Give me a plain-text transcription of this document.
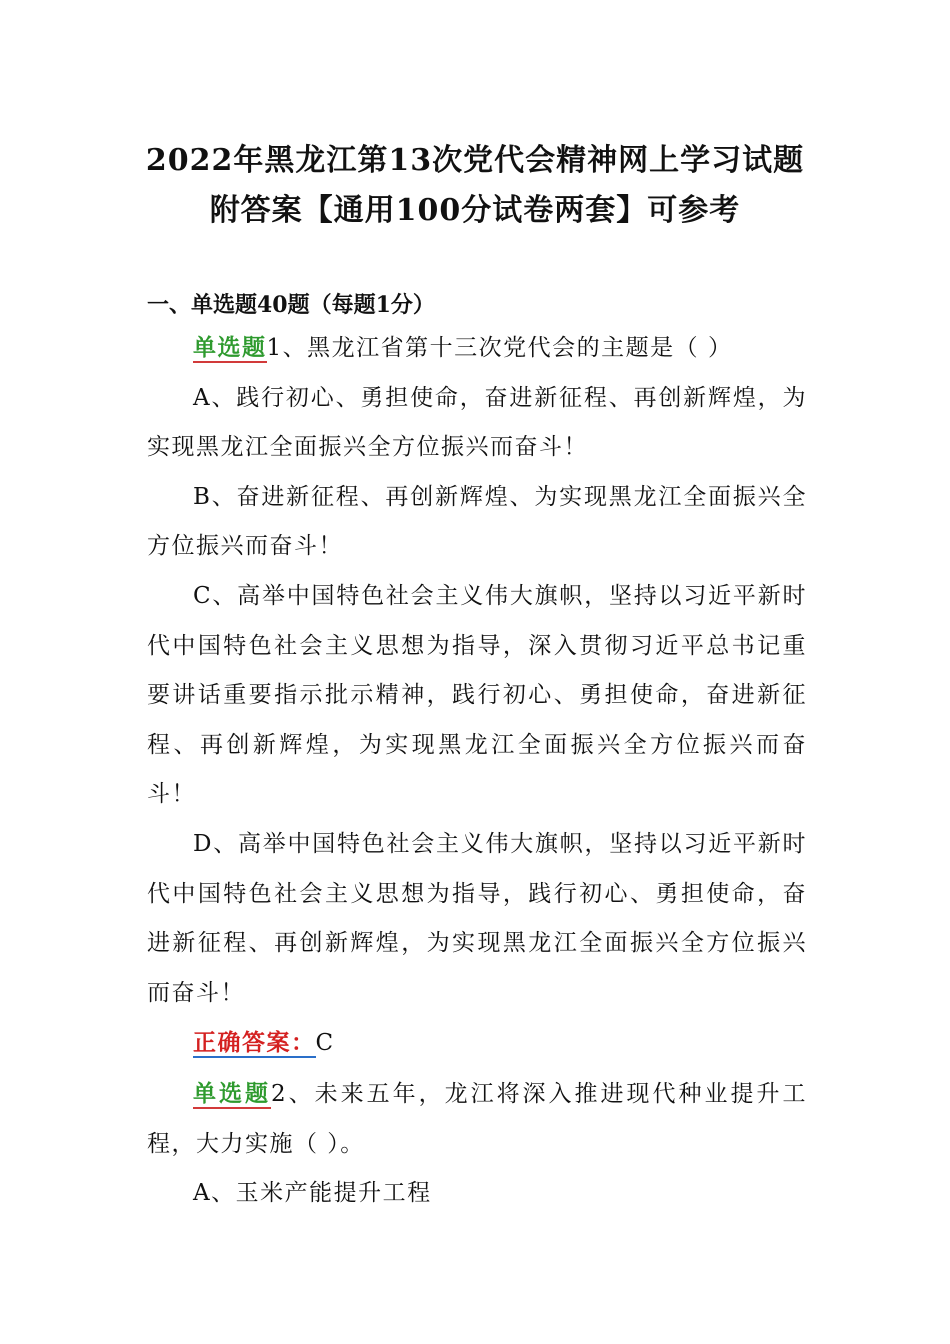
2022年黑龙江第13次党代会精神网上学习试题
附答案【通用100分试卷两套】可参考
一、单选题40题（每题1分）

单选题1、黑龙江省第十三次党代会的主题是（ ）

A、践行初心、勇担使命，奋进新征程、再创新辉煌，为实现黑龙江全面振兴全方位振兴而奋斗！

B、奋进新征程、再创新辉煌、为实现黑龙江全面振兴全方位振兴而奋斗！

C、高举中国特色社会主义伟大旗帜，坚持以习近平新时代中国特色社会主义思想为指导，深入贯彻习近平总书记重要讲话重要指示批示精神，践行初心、勇担使命，奋进新征程、再创新辉煌，为实现黑龙江全面振兴全方位振兴而奋斗！

D、高举中国特色社会主义伟大旗帜，坚持以习近平新时代中国特色社会主义思想为指导，践行初心、勇担使命，奋进新征程、再创新辉煌，为实现黑龙江全面振兴全方位振兴而奋斗！

正确答案：C

单选题2、未来五年，龙江将深入推进现代种业提升工程，大力实施（ ）。

A、玉米产能提升工程
